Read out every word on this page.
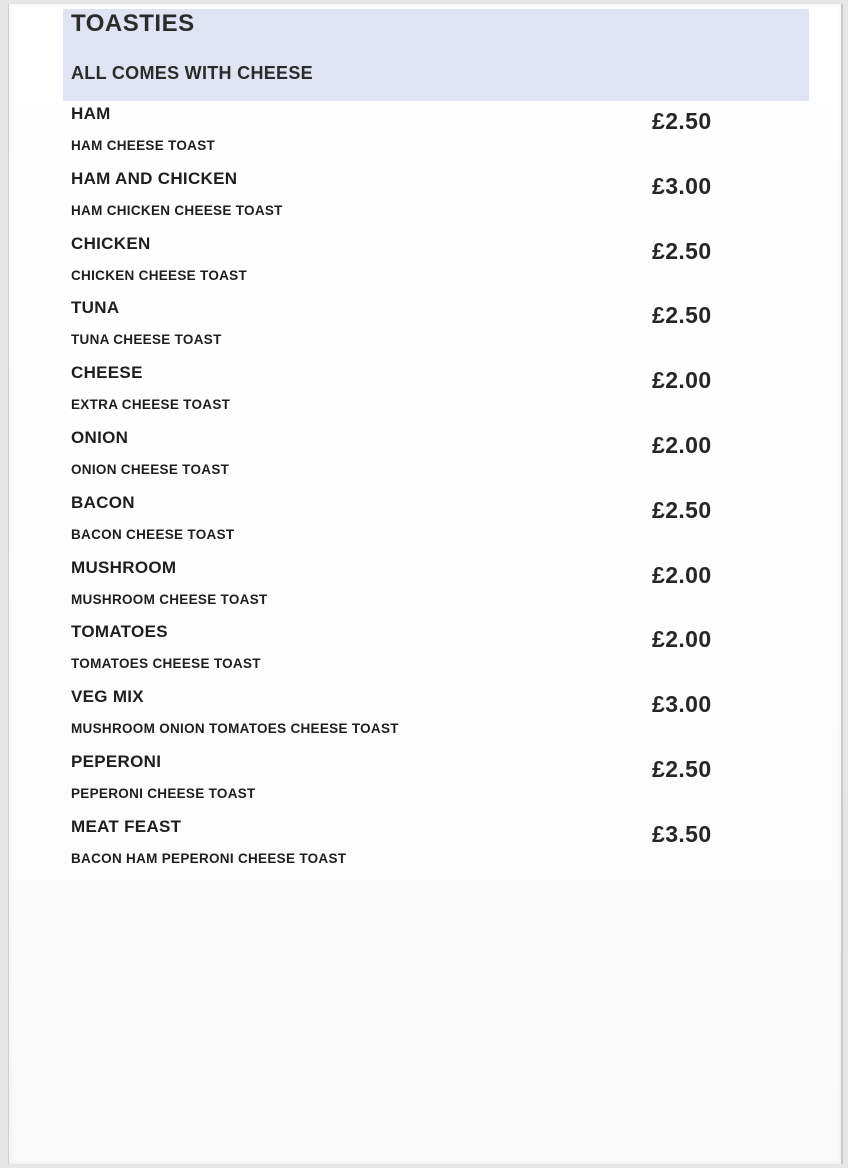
TOASTIES
ALL COMES WITH CHEESE
HAM
HAM CHEESE TOAST
£2.50
HAM AND CHICKEN
HAM CHICKEN CHEESE TOAST
£3.00
CHICKEN
CHICKEN CHEESE TOAST
£2.50
TUNA
TUNA CHEESE TOAST
£2.50
CHEESE
EXTRA CHEESE TOAST
£2.00
ONION
ONION CHEESE TOAST
£2.00
BACON
BACON CHEESE TOAST
£2.50
MUSHROOM
MUSHROOM CHEESE TOAST
£2.00
TOMATOES
TOMATOES CHEESE TOAST
£2.00
VEG MIX
MUSHROOM ONION TOMATOES CHEESE TOAST
£3.00
PEPERONI
PEPERONI CHEESE TOAST
£2.50
MEAT FEAST
BACON HAM PEPERONI CHEESE TOAST
£3.50
